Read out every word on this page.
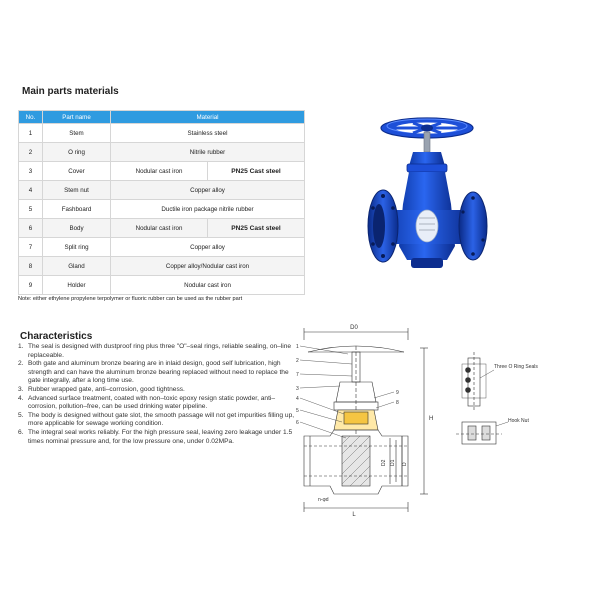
Main parts materials
No.	Part name	Material	
1	Stem	Stainless steel	
2	O ring	Nitrile rubber	
3	Cover	Nodular cast iron	PN25 Cast steel
4	Stem nut	Copper alloy	
5	Fashboard	Ductile iron package nitrile rubber	
6	Body	Nodular cast iron	PN25 Cast steel
7	Split ring	Copper alloy	
8	Gland	Copper alloy/Nodular cast iron	
9	Holder	Nodular cast iron	
Note: either ethylene propylene terpolymer or fluoric rubber can be used as the rubber part
Characteristics
1. The seal is designed with dustproof ring plus three "O"–seal rings, reliable sealing, on–line replaceable.
2. Both gate and aluminum bronze bearing are in inlaid design, good self lubrication, high strength and can have the aluminum bronze bearing replaced without need to replace the gate integrally, after a long time use.
3. Rubber wrapped gate, anti–corrosion, good tightness.
4. Advanced surface treatment, coated with non–toxic epoxy resign static powder, anti–corrosion, pollution–free, can be used drinking water pipeline.
5. The body is designed without gate slot, the smooth passage will not get impurities filling up, more applicable for sewage working condition.
6. The integral seal works reliably. For the high pressure seal, leaving zero leakage under 1.5 times nominal pressure and, for the low pressure one, under 0.02MPa.
D0
H
D2 D1 D
L
n-φd
1
2
7
3
9
8
4
5
6
Three O Ring Seals
Hook Nut
